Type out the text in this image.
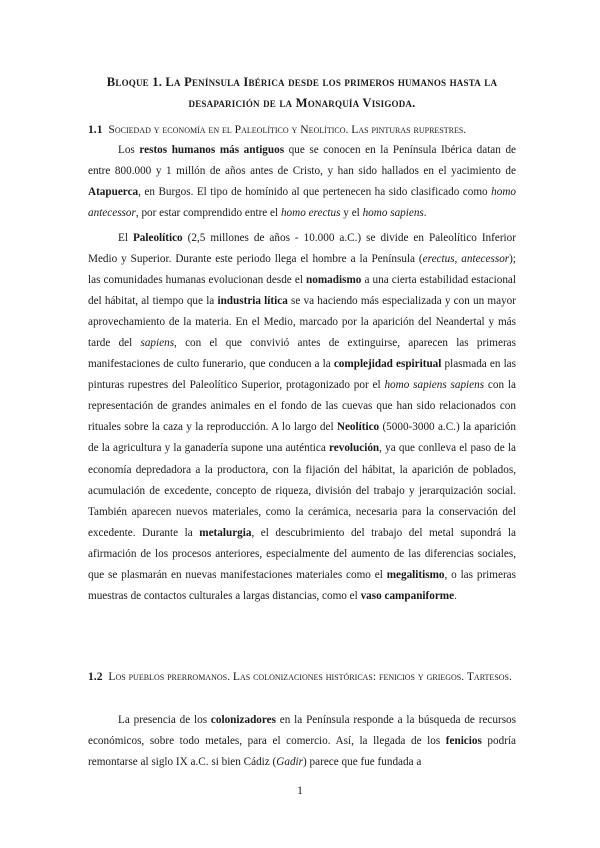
Bloque 1. La Península Ibérica desde los primeros humanos hasta la desaparición de la Monarquía Visigoda.
1.1 Sociedad y economía en el Paleolítico y Neolítico. Las pinturas ruprestres.

Los restos humanos más antiguos que se conocen en la Península Ibérica datan de entre 800.000 y 1 millón de años antes de Cristo, y han sido hallados en el yacimiento de Atapuerca, en Burgos. El tipo de homínido al que pertenecen ha sido clasificado como homo antecessor, por estar comprendido entre el homo erectus y el homo sapiens.

El Paleolítico (2,5 millones de años - 10.000 a.C.) se divide en Paleolítico Inferior Medio y Superior. Durante este periodo llega el hombre a la Península (erectus, antecessor); las comunidades humanas evolucionan desde el nomadismo a una cierta estabilidad estacional del hábitat, al tiempo que la industria lítica se va haciendo más especializada y con un mayor aprovechamiento de la materia. En el Medio, marcado por la aparición del Neandertal y más tarde del sapiens, con el que convivió antes de extinguirse, aparecen las primeras manifestaciones de culto funerario, que conducen a la complejidad espiritual plasmada en las pinturas rupestres del Paleolítico Superior, protagonizado por el homo sapiens sapiens con la representación de grandes animales en el fondo de las cuevas que han sido relacionados con rituales sobre la caza y la reproducción. A lo largo del Neolítico (5000-3000 a.C.) la aparición de la agricultura y la ganadería supone una auténtica revolución, ya que conlleva el paso de la economía depredadora a la productora, con la fijación del hábitat, la aparición de poblados, acumulación de excedente, concepto de riqueza, división del trabajo y jerarquización social. También aparecen nuevos materiales, como la cerámica, necesaria para la conservación del excedente. Durante la metalurgia, el descubrimiento del trabajo del metal supondrá la afirmación de los procesos anteriores, especialmente del aumento de las diferencias sociales, que se plasmarán en nuevas manifestaciones materiales como el megalitismo, o las primeras muestras de contactos culturales a largas distancias, como el vaso campaniforme.

1.2 Los pueblos prerromanos. Las colonizaciones históricas: fenicios y griegos. Tartesos.

La presencia de los colonizadores en la Península responde a la búsqueda de recursos económicos, sobre todo metales, para el comercio. Así, la llegada de los fenicios podría remontarse al siglo IX a.C. si bien Cádiz (Gadir) parece que fue fundada a

1
